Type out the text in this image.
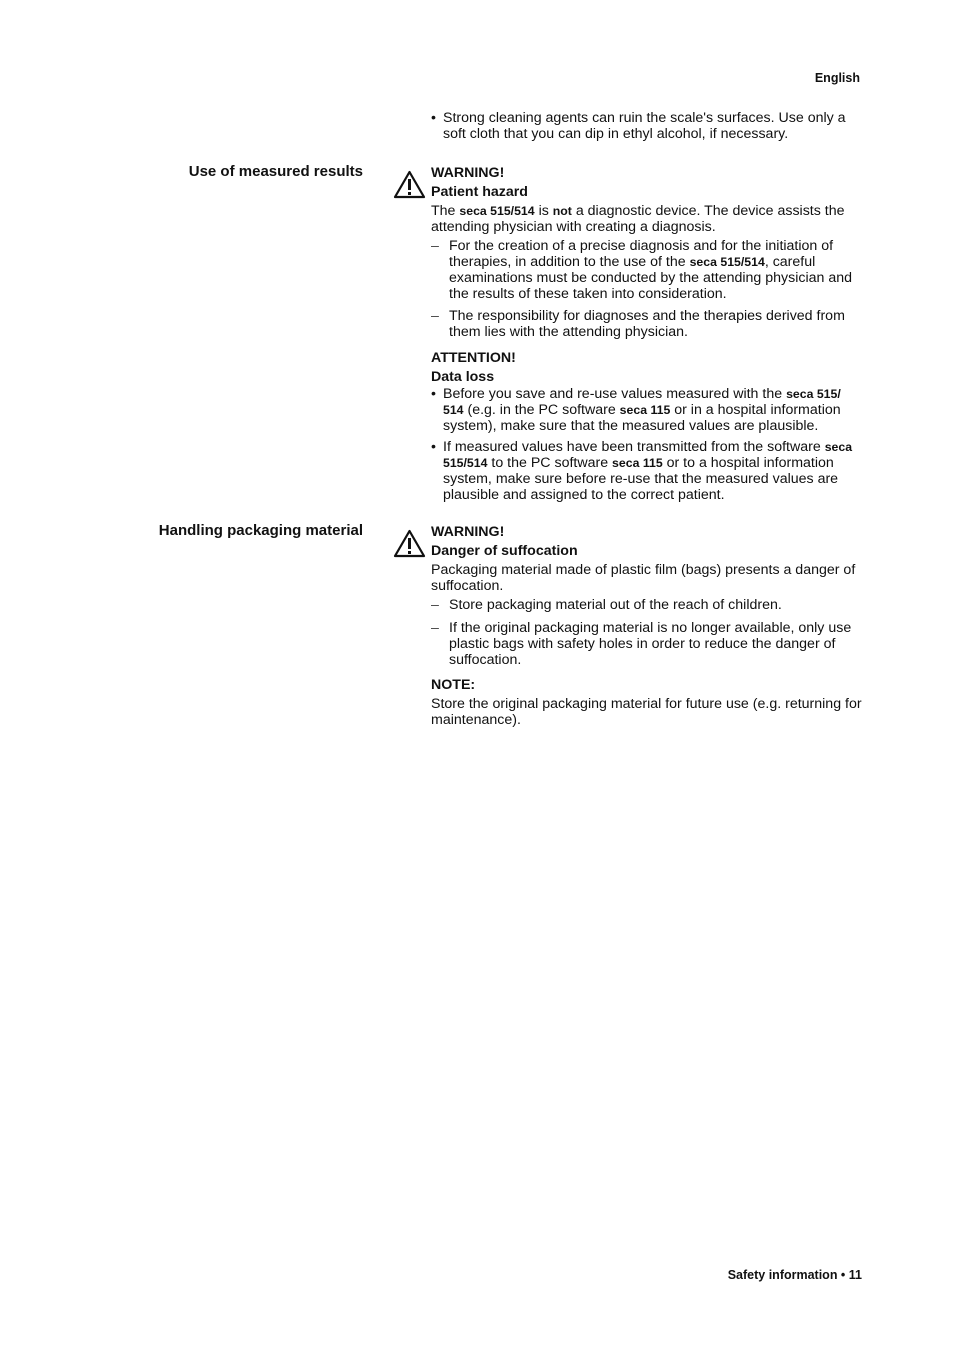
English

• Strong cleaning agents can ruin the scale's surfaces. Use only a soft cloth that you can dip in ethyl alcohol, if necessary.

Use of measured results	WARNING!
Patient hazard

The seca 515/514 is not a diagnostic device. The device assists the attending physician with creating a diagnosis.

– For the creation of a precise diagnosis and for the initiation of therapies, in addition to the use of the seca 515/514, careful examinations must be conducted by the attending physician and the results of these taken into consideration.

– The responsibility for diagnoses and the therapies derived from them lies with the attending physician.

ATTENTION!
Data loss

• Before you save and re-use values measured with the seca 515/ 514 (e.g. in the PC software seca 115 or in a hospital information system), make sure that the measured values are plausible.

• If measured values have been transmitted from the software seca 515/514 to the PC software seca 115 or to a hospital information system, make sure before re-use that the measured values are plausible and assigned to the correct patient.

Handling packaging material	WARNING!
Danger of suffocation

Packaging material made of plastic film (bags) presents a danger of suffocation.

– Store packaging material out of the reach of children.

– If the original packaging material is no longer available, only use plastic bags with safety holes in order to reduce the danger of suffocation.

NOTE:

Store the original packaging material for future use (e.g. returning for maintenance).

Safety information • 11
